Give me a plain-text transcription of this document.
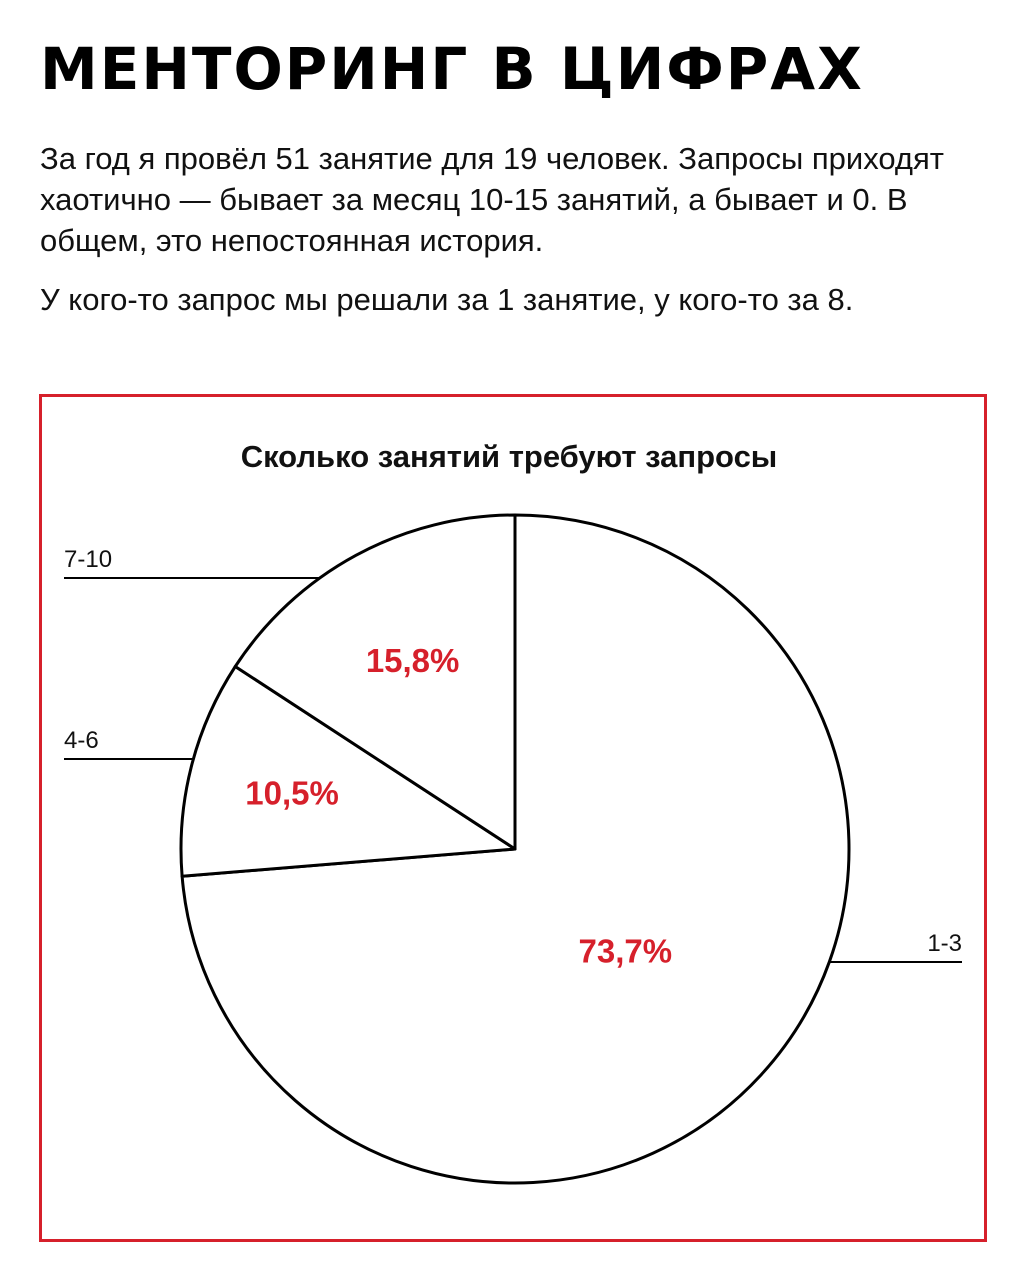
МЕНТОРИНГ В ЦИФРАХ

За год я провёл 51 занятие для 19 человек. Запросы приходят хаотично — бывает за месяц 10-15 занятий, а бывает и 0. В общем, это непостоянная история.

У кого-то запрос мы решали за 1 занятие, у кого-то за 8.

Сколько занятий требуют запросы
73,7%
10,5%
15,8%
1-3
4-6
7-10
